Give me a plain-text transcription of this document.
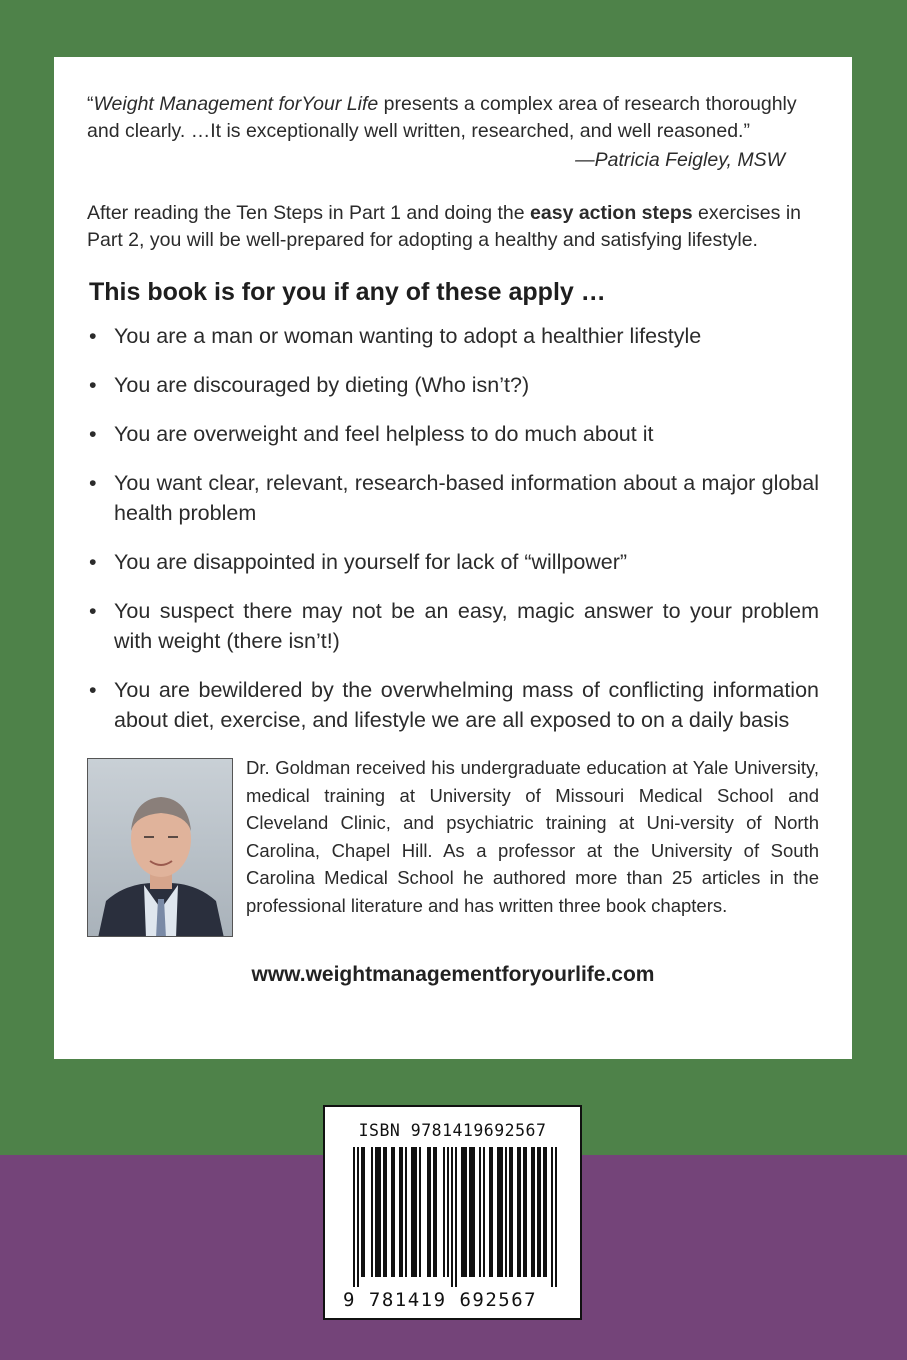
“Weight Management forYour Life presents a complex area of research thoroughly and clearly. …It is exceptionally well written, researched, and well reasoned.”

—Patricia Feigley, MSW

After reading the Ten Steps in Part 1 and doing the easy action steps exercises in Part 2, you will be well-prepared for adopting a healthy and satisfying lifestyle.

This book is for you if any of these apply …
• You are a man or woman wanting to adopt a healthier lifestyle
• You are discouraged by dieting (Who isn’t?)
• You are overweight and feel helpless to do much about it
• You want clear, relevant, research-based information about a major global health problem
• You are disappointed in yourself for lack of “willpower”
• You suspect there may not be an easy, magic answer to your problem with weight (there isn’t!)
• You are bewildered by the overwhelming mass of conflicting information about diet, exercise, and lifestyle we are all exposed to on a daily basis
Dr. Goldman received his undergraduate education at Yale University, medical training at University of Missouri Medical School and Cleveland Clinic, and psychiatric training at Uni-versity of North Carolina, Chapel Hill. As a professor at the University of South Carolina Medical School he authored more than 25 articles in the professional literature and has written three book chapters.
www.weightmanagementforyourlife.com
ISBN 9781419692567
9 781419 692567
